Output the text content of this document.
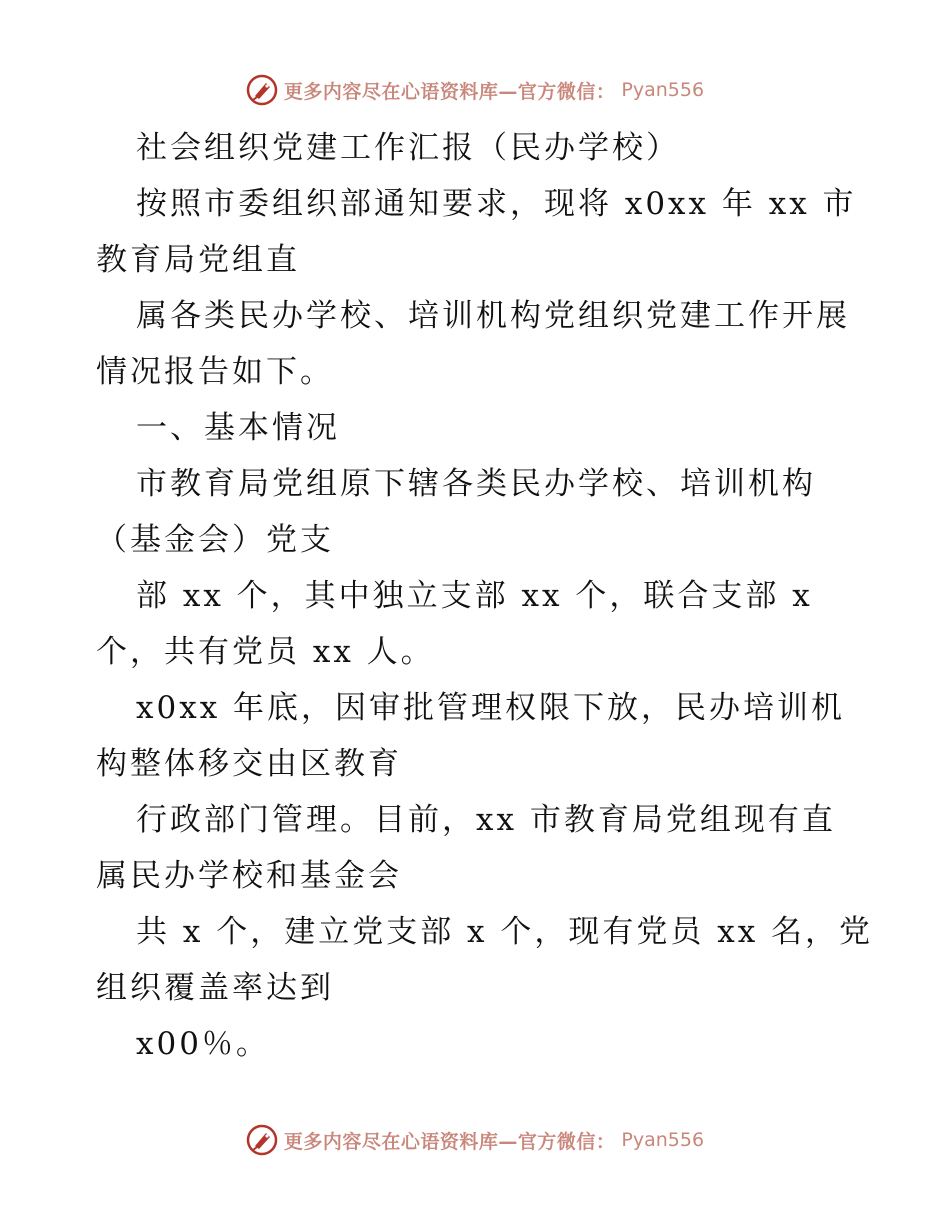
更多内容尽在心语资料库—官方微信： Pyan556
社会组织党建工作汇报（民办学校）
按照市委组织部通知要求，现将 x0xx 年 xx 市
教育局党组直
属各类民办学校、培训机构党组织党建工作开展
情况报告如下。
一、基本情况
市教育局党组原下辖各类民办学校、培训机构
（基金会）党支
部 xx 个，其中独立支部 xx 个，联合支部 x
个，共有党员 xx 人。
x0xx 年底，因审批管理权限下放，民办培训机
构整体移交由区教育
行政部门管理。目前，xx 市教育局党组现有直
属民办学校和基金会
共 x 个，建立党支部 x 个，现有党员 xx 名，党
组织覆盖率达到
x00％。
更多内容尽在心语资料库—官方微信： Pyan556
